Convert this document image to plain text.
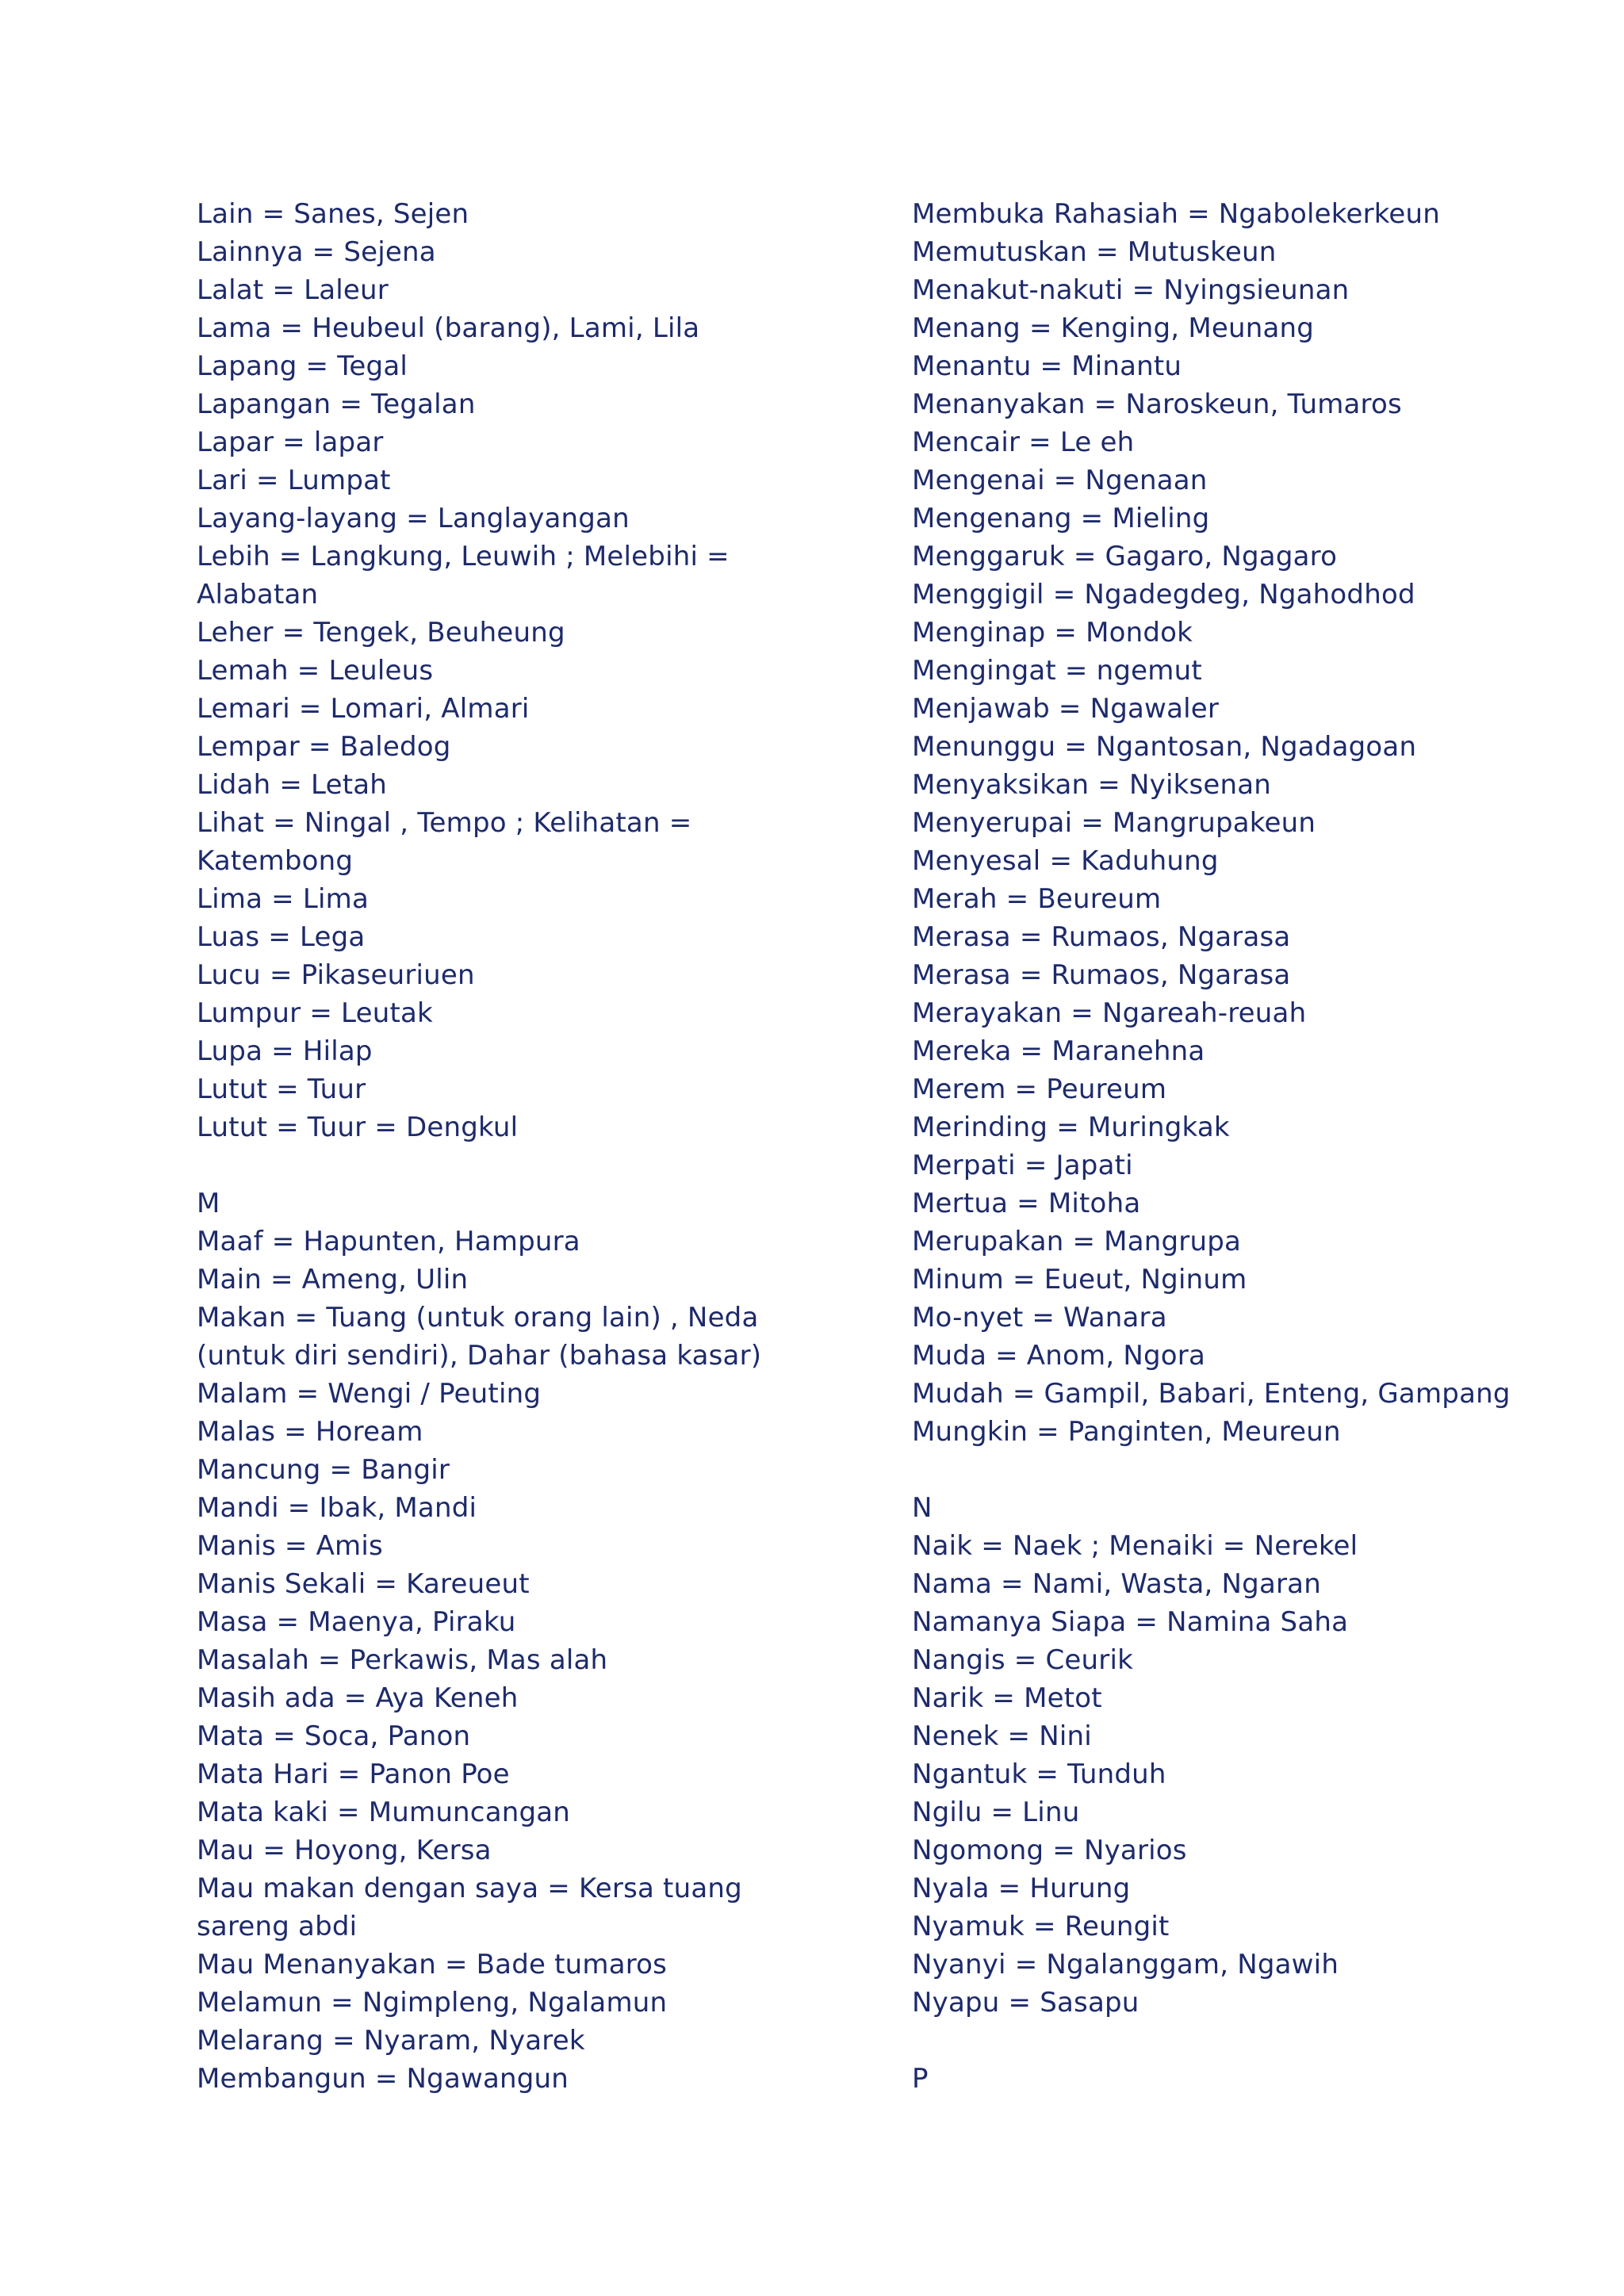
Lain = Sanes, Sejen
Lainnya = Sejena
Lalat = Laleur
Lama = Heubeul (barang), Lami, Lila
Lapang = Tegal
Lapangan = Tegalan
Lapar = lapar
Lari = Lumpat
Layang-layang = Langlayangan
Lebih = Langkung, Leuwih ; Melebihi =
Alabatan
Leher = Tengek, Beuheung
Lemah = Leuleus
Lemari = Lomari, Almari
Lempar = Baledog
Lidah = Letah
Lihat = Ningal , Tempo ; Kelihatan =
Katembong
Lima = Lima
Luas = Lega
Lucu = Pikaseuriuen
Lumpur = Leutak
Lupa = Hilap
Lutut = Tuur
Lutut = Tuur = Dengkul
M
Maaf = Hapunten, Hampura
Main = Ameng, Ulin
Makan = Tuang (untuk orang lain) , Neda
(untuk diri sendiri), Dahar (bahasa kasar)
Malam = Wengi / Peuting
Malas = Hoream
Mancung = Bangir
Mandi = Ibak, Mandi
Manis = Amis
Manis Sekali = Kareueut
Masa = Maenya, Piraku
Masalah = Perkawis, Mas alah
Masih ada = Aya Keneh
Mata = Soca, Panon
Mata Hari = Panon Poe
Mata kaki = Mumuncangan
Mau = Hoyong, Kersa
Mau makan dengan saya = Kersa tuang
sareng abdi
Mau Menanyakan = Bade tumaros
Melamun = Ngimpleng, Ngalamun
Melarang = Nyaram, Nyarek
Membangun = Ngawangun
Membuka Rahasiah = Ngabolekerkeun
Memutuskan = Mutuskeun
Menakut-nakuti = Nyingsieunan
Menang = Kenging, Meunang
Menantu = Minantu
Menanyakan = Naroskeun, Tumaros
Mencair = Le eh
Mengenai = Ngenaan
Mengenang = Mieling
Menggaruk = Gagaro, Ngagaro
Menggigil = Ngadegdeg, Ngahodhod
Menginap = Mondok
Mengingat = ngemut
Menjawab = Ngawaler
Menunggu = Ngantosan, Ngadagoan
Menyaksikan = Nyiksenan
Menyerupai = Mangrupakeun
Menyesal = Kaduhung
Merah = Beureum
Merasa = Rumaos, Ngarasa
Merasa = Rumaos, Ngarasa
Merayakan = Ngareah-reuah
Mereka = Maranehna
Merem = Peureum
Merinding = Muringkak
Merpati = Japati
Mertua = Mitoha
Merupakan = Mangrupa
Minum = Eueut, Nginum
Mo-nyet = Wanara
Muda = Anom, Ngora
Mudah = Gampil, Babari, Enteng, Gampang
Mungkin = Panginten, Meureun
N
Naik = Naek ; Menaiki = Nerekel
Nama = Nami, Wasta, Ngaran
Namanya Siapa = Namina Saha
Nangis = Ceurik
Narik = Metot
Nenek = Nini
Ngantuk = Tunduh
Ngilu = Linu
Ngomong = Nyarios
Nyala = Hurung
Nyamuk = Reungit
Nyanyi = Ngalanggam, Ngawih
Nyapu = Sasapu
P
